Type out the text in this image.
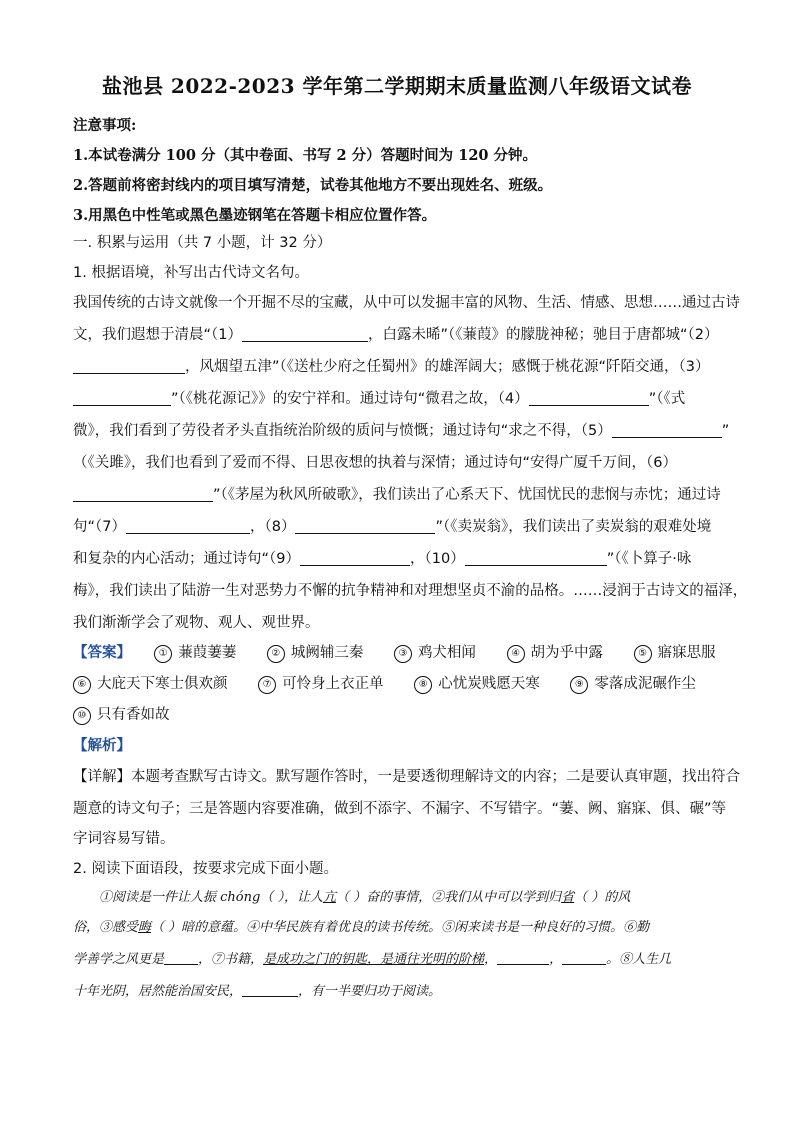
盐池县 2022-2023 学年第二学期期末质量监测八年级语文试卷
注意事项:
1.本试卷满分 100 分（其中卷面、书写 2 分）答题时间为 120 分钟。
2.答题前将密封线内的项目填写清楚，试卷其他地方不要出现姓名、班级。
3.用黑色中性笔或黑色墨迹钢笔在答题卡相应位置作答。
一. 积累与运用（共 7 小题，计 32 分）
1. 根据语境，补写出古代诗文名句。
我国传统的古诗文就像一个开掘不尽的宝藏，从中可以发掘丰富的风物、生活、情感、思想……通过古诗
文，我们遐想于清晨“（1）	，白露未晞”（《蒹葭》的朦胧神秘；驰目于唐都城“（2）
，风烟望五津”（《送杜少府之任蜀州》的雄浑阔大；感慨于桃花源“阡陌交通，（3）
”（《桃花源记》》的安宁祥和。通过诗句“微君之故，（4）	”（《式
微》，我们看到了劳役者矛头直指统治阶级的质问与愤慨；通过诗句“求之不得，（5）	”
（《关雎》，我们也看到了爱而不得、日思夜想的执着与深情；通过诗句“安得广厦千万间，（6）
”（《茅屋为秋风所破歌》，我们读出了心系天下、忧国忧民的悲悯与赤忱；通过诗
句“（7）	，（8）	”（《卖炭翁》，我们读出了卖炭翁的艰难处境
和复杂的内心活动；通过诗句“（9）	，（10）	”（《卜算子·咏
梅》，我们读出了陆游一生对恶势力不懈的抗争精神和对理想坚贞不渝的品格。……浸润于古诗文的福泽，
我们渐渐学会了观物、观人、观世界。
【答案】	① 蒹葭萋萋	② 城阙辅三秦	③ 鸡犬相闻	④ 胡为乎中露	⑤ 寤寐思服
⑥ 大庇天下寒士俱欢颜	⑦ 可怜身上衣正单	⑧ 心忧炭贱愿天寒	⑨ 零落成泥碾作尘
⑩ 只有香如故
【解析】
【详解】本题考查默写古诗文。默写题作答时，一是要透彻理解诗文的内容；二是要认真审题，找出符合
题意的诗文句子；三是答题内容要准确，做到不添字、不漏字、不写错字。“萋、阙、寤寐、俱、碾”等
字词容易写错。
2. 阅读下面语段，按要求完成下面小题。
①阅读是一件让人振 chóng（ ），让人亢（ ）奋的事情，②我们从中可以学到归省（ ）的风
俗，③感受晦（ ）暗的意蕴。④中华民族有着优良的读书传统。⑤闲来读书是一种良好的习惯。⑥勤
学善学之风更是	，⑦书籍，是成功之门的钥匙，是通往光明的阶梯，	，	。⑧人生几
十年光阴，居然能治国安民，	，有一半要归功于阅读。
